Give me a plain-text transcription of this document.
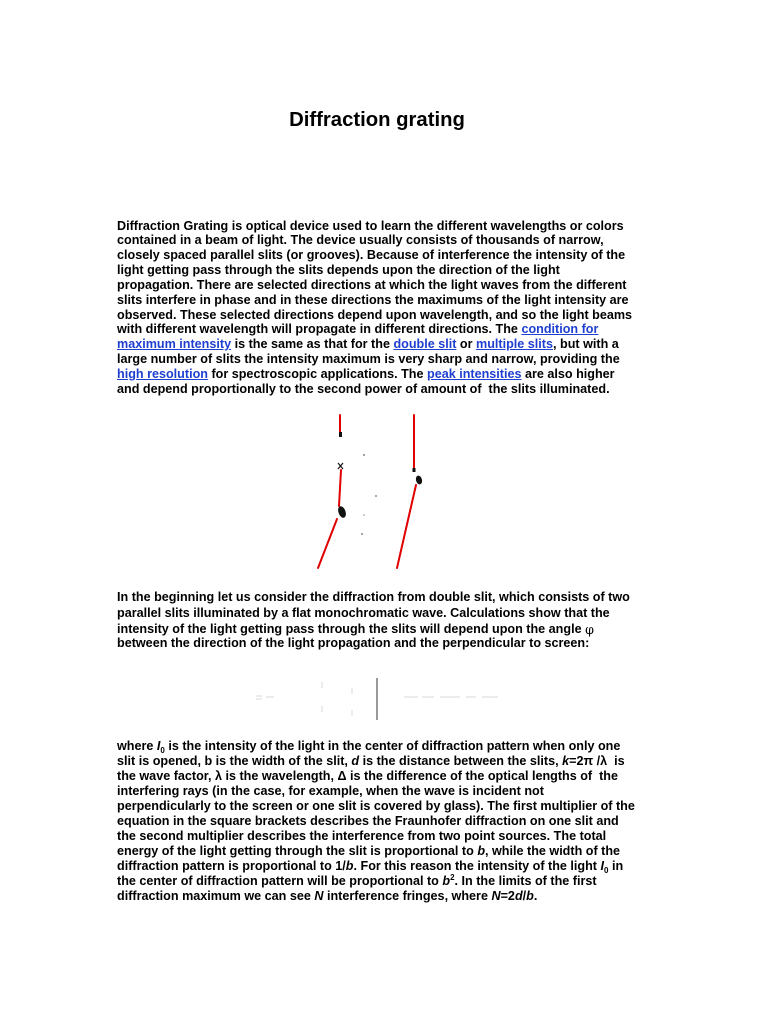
Diffraction grating
Diffraction Grating is optical device used to learn the different wavelengths or colors
contained in a beam of light. The device usually consists of thousands of narrow,
closely spaced parallel slits (or grooves). Because of interference the intensity of the
light getting pass through the slits depends upon the direction of the light
propagation. There are selected directions at which the light waves from the different
slits interfere in phase and in these directions the maximums of the light intensity are
observed. These selected directions depend upon wavelength, and so the light beams
with different wavelength will propagate in different directions. The condition for
maximum intensity is the same as that for the double slit or multiple slits, but with a
large number of slits the intensity maximum is very sharp and narrow, providing the
high resolution for spectroscopic applications. The peak intensities are also higher
and depend proportionally to the second power of amount of  the slits illuminated.
In the beginning let us consider the diffraction from double slit, which consists of two
parallel slits illuminated by a flat monochromatic wave. Calculations show that the
intensity of the light getting pass through the slits will depend upon the angle φ
between the direction of the light propagation and the perpendicular to screen:
where $I_0$ is the intensity of the light in the center of diffraction pattern when only one
slit is opened, b is the width of the slit, d is the distance between the slits, k=2π /λ  is
the wave factor, λ is the wavelength, Δ is the difference of the optical lengths of  the
interfering rays (in the case, for example, when the wave is incident not
perpendicularly to the screen or one slit is covered by glass). The first multiplier of the
equation in the square brackets describes the Fraunhofer diffraction on one slit and
the second multiplier describes the interference from two point sources. The total
energy of the light getting through the slit is proportional to b, while the width of the
diffraction pattern is proportional to 1/b. For this reason the intensity of the light $I_0$ in
the center of diffraction pattern will be proportional to $b^2$. In the limits of the first
diffraction maximum we can see N interference fringes, where N=2d/b.
